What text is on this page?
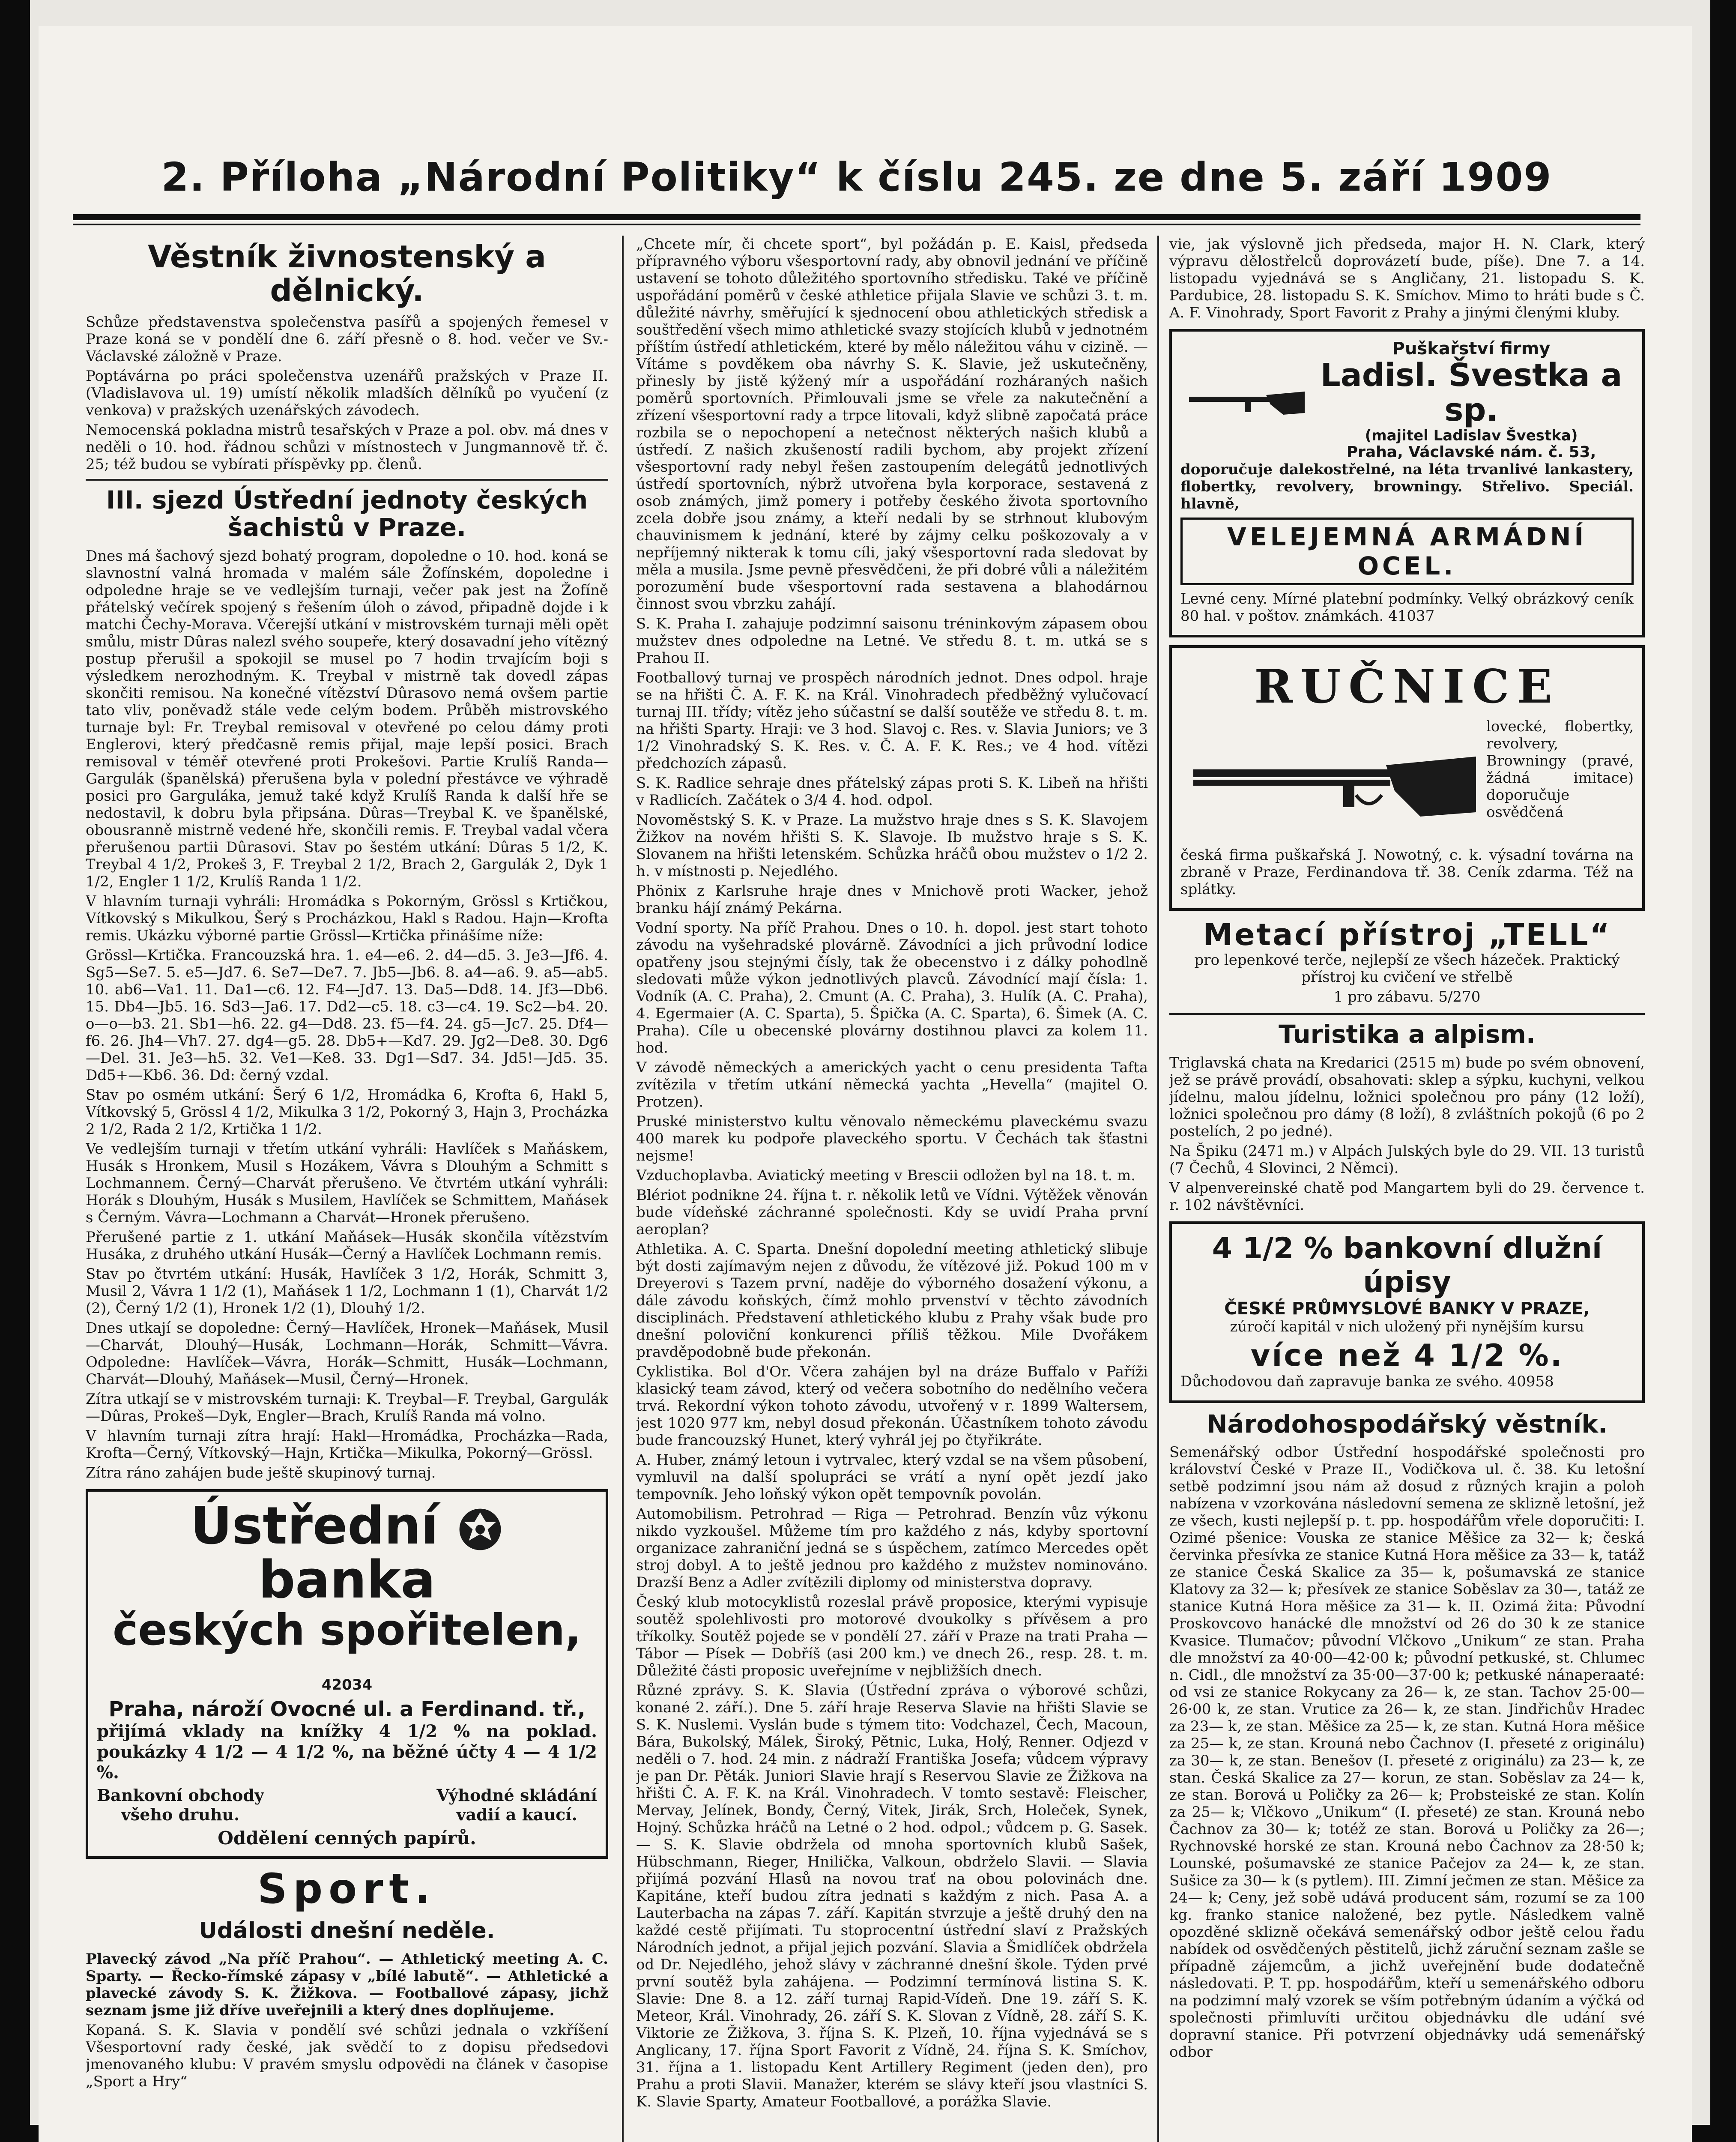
2. Příloha „Národní Politiky“ k číslu 245. ze dne 5. září 1909
Věstník živnostenský a dělnický.

Schůze představenstva společenstva pasířů a spojených řemesel v Praze koná se v pondělí dne 6. září přesně o 8. hod. večer ve Sv.-Václavské záložně v Praze.

Poptávárna po práci společenstva uzenářů pražských v Praze II. (Vladislavova ul. 19) umístí několik mladších dělníků po vyučení (z venkova) v pražských uzenářských závodech.

Nemocenská pokladna mistrů tesařských v Praze a pol. obv. má dnes v neděli o 10. hod. řádnou schůzi v místnostech v Jungmannově tř. č. 25; též budou se vybírati příspěvky pp. členů.

III. sjezd Ústřední jednoty českých šachistů v Praze.

Dnes má šachový sjezd bohatý program, dopoledne o 10. hod. koná se slavnostní valná hromada v malém sále Žofínském, dopoledne i odpoledne hraje se ve vedlejším turnaji, večer pak jest na Žofíně přátelský večírek spojený s řešením úloh o závod, připadně dojde i k matchi Čechy-Morava. Včerejší utkání v mistrovském turnaji měli opět smůlu, mistr Dûras nalezl svého soupeře, který dosavadní jeho vítězný postup přerušil a spokojil se musel po 7 hodin trvajícím boji s výsledkem nerozhodným. K. Treybal v mistrně tak dovedl zápas skončiti remisou. Na konečné vítězství Dûrasovo nemá ovšem partie tato vliv, poněvadž stále vede celým bodem. Průběh mistrovského turnaje byl: Fr. Treybal remisoval v otevřené po celou dámy proti Englerovi, který předčasně remis přijal, maje lepší posici. Brach remisoval v téměř otevřené proti Prokešovi. Partie Krulíš Randa—Gargulák (španělská) přerušena byla v polední přestávce ve výhradě posici pro Garguláka, jemuž také když Krulíš Randa k další hře se nedostavil, k dobru byla připsána. Dûras—Treybal K. ve španělské, obousranně mistrně vedené hře, skončili remis. F. Treybal vadal včera přerušenou partii Dûrasovi. Stav po šestém utkání: Dûras 5 1/2, K. Treybal 4 1/2, Prokeš 3, F. Treybal 2 1/2, Brach 2, Gargulák 2, Dyk 1 1/2, Engler 1 1/2, Krulíš Randa 1 1/2.

V hlavním turnaji vyhráli: Hromádka s Pokorným, Grössl s Krtičkou, Vítkovský s Mikulkou, Šerý s Procházkou, Hakl s Radou. Hajn—Krofta remis. Ukázku výborné partie Grössl—Krtička přinášíme níže:

Grössl—Krtička. Francouzská hra. 1. e4—e6. 2. d4—d5. 3. Je3—Jf6. 4. Sg5—Se7. 5. e5—Jd7. 6. Se7—De7. 7. Jb5—Jb6. 8. a4—a6. 9. a5—ab5. 10. ab6—Va1. 11. Da1—c6. 12. F4—Jd7. 13. Da5—Dd8. 14. Jf3—Db6. 15. Db4—Jb5. 16. Sd3—Ja6. 17. Dd2—c5. 18. c3—c4. 19. Sc2—b4. 20. o—o—b3. 21. Sb1—h6. 22. g4—Dd8. 23. f5—f4. 24. g5—Jc7. 25. Df4—f6. 26. Jh4—Vh7. 27. dg4—g5. 28. Db5+—Kd7. 29. Jg2—De8. 30. Dg6—Del. 31. Je3—h5. 32. Ve1—Ke8. 33. Dg1—Sd7. 34. Jd5!—Jd5. 35. Dd5+—Kb6. 36. Dd: černý vzdal.

Stav po osmém utkání: Šerý 6 1/2, Hromádka 6, Krofta 6, Hakl 5, Vítkovský 5, Grössl 4 1/2, Mikulka 3 1/2, Pokorný 3, Hajn 3, Procházka 2 1/2, Rada 2 1/2, Krtička 1 1/2.

Ve vedlejším turnaji v třetím utkání vyhráli: Havlíček s Maňáskem, Husák s Hronkem, Musil s Hozákem, Vávra s Dlouhým a Schmitt s Lochmannem. Černý—Charvát přerušeno. Ve čtvrtém utkání vyhráli: Horák s Dlouhým, Husák s Musilem, Havlíček se Schmittem, Maňásek s Černým. Vávra—Lochmann a Charvát—Hronek přerušeno.

Přerušené partie z 1. utkání Maňásek—Husák skončila vítězstvím Husáka, z druhého utkání Husák—Černý a Havlíček Lochmann remis.

Stav po čtvrtém utkání: Husák, Havlíček 3 1/2, Horák, Schmitt 3, Musil 2, Vávra 1 1/2 (1), Maňásek 1 1/2, Lochmann 1 (1), Charvát 1/2 (2), Černý 1/2 (1), Hronek 1/2 (1), Dlouhý 1/2.

Dnes utkají se dopoledne: Černý—Havlíček, Hronek—Maňásek, Musil—Charvát, Dlouhý—Husák, Lochmann—Horák, Schmitt—Vávra. Odpoledne: Havlíček—Vávra, Horák—Schmitt, Husák—Lochmann, Charvát—Dlouhý, Maňásek—Musil, Černý—Hronek.

Zítra utkají se v mistrovském turnaji: K. Treybal—F. Treybal, Gargulák—Dûras, Prokeš—Dyk, Engler—Brach, Krulíš Randa má volno.

V hlavním turnaji zítra hrají: Hakl—Hromádka, Procházka—Rada, Krofta—Černý, Vítkovský—Hajn, Krtička—Mikulka, Pokorný—Grössl.

Zítra ráno zahájen bude ještě skupinový turnaj.

Ústřední  banka
českých spořitelen, 42034
Praha, nároží Ovocné ul. a Ferdinand. tř.,

přijímá vklady na knížky 4 1/2 % na poklad. poukázky 4 1/2 — 4 1/2 %, na běžné účty 4 — 4 1/2 %.

Bankovní obchody
všeho druhu.
Výhodné skládání
vadií a kaucí.
Oddělení cenných papírů.
Sport.
Události dnešní neděle.

Plavecký závod „Na příč Prahou“. — Athletický meeting A. C. Sparty. — Řecko-římské zápasy v „bílé labutě“. — Athletické a plavecké závody S. K. Žižkova. — Footballové zápasy, jichž seznam jsme již dříve uveřejnili a který dnes doplňujeme.

Kopaná. S. K. Slavia v pondělí své schůzi jednala o vzkříšení Všesportovní rady české, jak svědčí to z dopisu předsedovi jmenovaného klubu: V pravém smyslu odpovědi na článek v časopise „Sport a Hry“

„Chcete mír, či chcete sport“, byl požádán p. E. Kaisl, předseda přípravného výboru všesportovní rady, aby obnovil jednání ve příčině ustavení se tohoto důležitého sportovního středisku. Také ve příčině uspořádání poměrů v české athletice přijala Slavie ve schůzi 3. t. m. důležité návrhy, směřující k sjednocení obou athletických středisk a souštředění všech mimo athletické svazy stojících klubů v jednotném příštím ústředí athletickém, které by mělo náležitou váhu v cizině. — Vítáme s povděkem oba návrhy S. K. Slavie, jež uskutečněny, přinesly by jistě kýžený mír a uspořádání rozháraných našich poměrů sportovních. Přimlouvali jsme se vřele za nakutečnění a zřízení všesportovní rady a trpce litovali, když slibně započatá práce rozbila se o nepochopení a netečnost některých našich klubů a ústředí. Z našich zkušeností radili bychom, aby projekt zřízení všesportovní rady nebyl řešen zastoupením delegátů jednotlivých ústředí sportovních, nýbrž utvořena byla korporace, sestavená z osob známých, jimž pomery i potřeby českého života sportovního zcela dobře jsou známy, a kteří nedali by se strhnout klubovým chauvinismem k jednání, které by zájmy celku poškozovaly a v nepříjemný nikterak k tomu cíli, jaký všesportovní rada sledovat by měla a musila. Jsme pevně přesvědčeni, že při dobré vůli a náležitém porozumění bude všesportovní rada sestavena a blahodárnou činnost svou vbrzku zahájí.

S. K. Praha I. zahajuje podzimní saisonu tréninkovým zápasem obou mužstev dnes odpoledne na Letné. Ve středu 8. t. m. utká se s Prahou II.

Footballový turnaj ve prospěch národních jednot. Dnes odpol. hraje se na hřišti Č. A. F. K. na Král. Vinohradech předběžný vylučovací turnaj III. třídy; vítěz jeho súčastní se další soutěže ve středu 8. t. m. na hřišti Sparty. Hraji: ve 3 hod. Slavoj c. Res. v. Slavia Juniors; ve 3 1/2 Vinohradský S. K. Res. v. Č. A. F. K. Res.; ve 4 hod. vítězi předchozích zápasů.

S. K. Radlice sehraje dnes přátelský zápas proti S. K. Libeň na hřišti v Radlicích. Začátek o 3/4 4. hod. odpol.

Novoměstský S. K. v Praze. La mužstvo hraje dnes s S. K. Slavojem Žižkov na novém hřišti S. K. Slavoje. Ib mužstvo hraje s S. K. Slovanem na hřišti letenském. Schůzka hráčů obou mužstev o 1/2 2. h. v místnosti p. Nejedlého.

Phönix z Karlsruhe hraje dnes v Mnichově proti Wacker, jehož branku hájí známý Pekárna.

Vodní sporty. Na příč Prahou. Dnes o 10. h. dopol. jest start tohoto závodu na vyšehradské plovárně. Závodníci a jich průvodní lodice opatřeny jsou stejnými čísly, tak že obecenstvo i z dálky pohodlně sledovati může výkon jednotlivých plavců. Závodnící mají čísla: 1. Vodník (A. C. Praha), 2. Cmunt (A. C. Praha), 3. Hulík (A. C. Praha), 4. Egermaier (A. C. Sparta), 5. Špička (A. C. Sparta), 6. Šimek (A. C. Praha). Cíle u obecenské plovárny dostihnou plavci za kolem 11. hod.

V závodě německých a amerických yacht o cenu presidenta Tafta zvítězila v třetím utkání německá yachta „Hevella“ (majitel O. Protzen).

Pruské ministerstvo kultu věnovalo německému plaveckému svazu 400 marek ku podpoře plaveckého sportu. V Čechách tak šťastni nejsme!

Vzduchoplavba. Aviatický meeting v Brescii odložen byl na 18. t. m.

Blériot podnikne 24. října t. r. několik letů ve Vídni. Výtěžek věnován bude vídeňské záchranné společnosti. Kdy se uvidí Praha první aeroplan?

Athletika. A. C. Sparta. Dnešní dopolední meeting athletický slibuje být dosti zajímavým nejen z důvodu, že vítězové již. Pokud 100 m v Dreyerovi s Tazem první, naděje do výborného dosažení výkonu, a dále závodu koňských, čímž mohlo prvenství v těchto závodních disciplinách. Představení athletického klubu z Prahy však bude pro dnešní poloviční konkurenci příliš těžkou. Mile Dvořákem pravděpodobně bude překonán.

Cyklistika. Bol d'Or. Včera zahájen byl na dráze Buffalo v Paříži klasický team závod, který od večera sobotního do nedělního večera trvá. Rekordní výkon tohoto závodu, utvořený v r. 1899 Waltersem, jest 1020 977 km, nebyl dosud překonán. Účastníkem tohoto závodu bude francouzský Hunet, který vyhrál jej po čtyřikráte.

A. Huber, známý letoun i vytrvalec, který vzdal se na všem působení, vymluvil na další spolupráci se vrátí a nyní opět jezdí jako tempovník. Jeho loňský výkon opět tempovník povolán.

Automobilism. Petrohrad — Riga — Petrohrad. Benzín vůz výkonu nikdo vyzkoušel. Můžeme tím pro každého z nás, kdyby sportovní organizace zahraniční jedná se s úspěchem, zatímco Mercedes opět stroj dobyl. A to ještě jednou pro každého z mužstev nominováno. Drazší Benz a Adler zvítězili diplomy od ministerstva dopravy.

Český klub motocyklistů rozeslal právě proposice, kterými vypisuje soutěž spolehlivosti pro motorové dvoukolky s přívěsem a pro tříkolky. Soutěž pojede se v pondělí 27. září v Praze na trati Praha — Tábor — Písek — Dobříš (asi 200 km.) ve dnech 26., resp. 28. t. m. Důležité části proposic uveřejníme v nejbližších dnech.

Různé zprávy. S. K. Slavia (Ústřední zpráva o výborové schůzi, konané 2. září.). Dne 5. září hraje Reserva Slavie na hřišti Slavie se S. K. Nuslemi. Vyslán bude s týmem tito: Vodchazel, Čech, Macoun, Bára, Bukolský, Málek, Široký, Pětnic, Luka, Holý, Renner. Odjezd v neděli o 7. hod. 24 min. z nádraží Františka Josefa; vůdcem výpravy je pan Dr. Pěták. Juniori Slavie hrají s Reservou Slavie ze Žižkova na hřišti Č. A. F. K. na Král. Vinohradech. V tomto sestavě: Fleischer, Mervay, Jelínek, Bondy, Černý, Vitek, Jirák, Srch, Holeček, Synek, Hojný. Schůzka hráčů na Letné o 2 hod. odpol.; vůdcem p. G. Sasek. — S. K. Slavie obdržela od mnoha sportovních klubů Sašek, Hübschmann, Rieger, Hnilička, Valkoun, obdrželo Slavii. — Slavia přijímá pozvání Hlasů na novou trať na obou polovinách dne. Kapitáne, kteří budou zítra jednati s každým z nich. Pasa A. a Lauterbacha na zápas 7. září. Kapitán stvrzuje a ještě druhý den na každé cestě přijímati. Tu stoprocentní ústřední slaví z Pražských Národních jednot, a přijal jejich pozvání. Slavia a Šmidlíček obdržela od Dr. Nejedlého, jehož slávy v záchranné dnešní škole. Týden prvé první soutěž byla zahájena. — Podzimní termínová listina S. K. Slavie: Dne 8. a 12. září turnaj Rapid-Vídeň. Dne 19. září S. K. Meteor, Král. Vinohrady, 26. září S. K. Slovan z Vídně, 28. září S. K. Viktorie ze Žižkova, 3. října S. K. Plzeň, 10. října vyjednává se s Anglicany, 17. října Sport Favorit z Vídně, 24. října S. K. Smíchov, 31. října a 1. listopadu Kent Artillery Regiment (jeden den), pro Prahu a proti Slavii. Manažer, kterém se slávy kteří jsou vlastníci S. K. Slavie Sparty, Amateur Footballové, a porážka Slavie.

vie, jak výslovně jich předseda, major H. N. Clark, který výpravu dělostřelců doprovázetí bude, píše). Dne 7. a 14. listopadu vyjednává se s Angličany, 21. listopadu S. K. Pardubice, 28. listopadu S. K. Smíchov. Mimo to hráti bude s Č. A. F. Vinohrady, Sport Favorit z Prahy a jinými členými kluby.

Puškařství firmy
Ladisl. Švestka a sp.
(majitel Ladislav Švestka)
Praha, Václavské nám. č. 53,

doporučuje dalekostřelné, na léta trvanlivé lankastery, flobertky, revolvery, browningy. Střelivo. Speciál. hlavně,

VELEJEMNÁ ARMÁDNÍ OCEL.

Levné ceny. Mírné platební podmínky. Velký obrázkový ceník 80 hal. v poštov. známkách. 41037

RUČNICE

lovecké, flobertky, revolvery, Browningy (pravé, žádná imitace) doporučuje osvědčená

česká firma puškařská J. Nowotný, c. k. výsadní továrna na zbraně v Praze, Ferdinandova tř. 38. Ceník zdarma. Též na splátky.

Metací přístroj „TELL“

pro lepenkové terče, nejlepší ze všech házeček. Praktický přístroj ku cvičení ve střelbě

1 pro zábavu. 5/270

Turistika a alpism.

Triglavská chata na Kredarici (2515 m) bude po svém obnovení, jež se právě provádí, obsahovati: sklep a sýpku, kuchyni, velkou jídelnu, malou jídelnu, ložnici společnou pro pány (12 loží), ložnici společnou pro dámy (8 loží), 8 zvláštních pokojů (6 po 2 postelích, 2 po jedné).

Na Špiku (2471 m.) v Alpách Julských byle do 29. VII. 13 turistů (7 Čechů, 4 Slovinci, 2 Němci).

V alpenvereinské chatě pod Mangartem byli do 29. července t. r. 102 návštěvníci.

4 1/2 % bankovní dlužní úpisy
ČESKÉ PRŮMYSLOVÉ BANKY V PRAZE,

zúročí kapitál v nich uložený při nynějším kursu

více než 4 1/2 %.

Důchodovou daň zapravuje banka ze svého. 40958

Národohospodářský věstník.

Semenářský odbor Ústřední hospodářské společnosti pro království České v Praze II., Vodičkova ul. č. 38. Ku letošní setbě podzimní jsou nám až dosud z různých krajin a poloh nabízena v vzorkována následovní semena ze sklizně letošní, jež ze všech, kusti nejlepší p. t. pp. hospodářům vřele doporučiti: I. Ozimé pšenice: Vouska ze stanice Měšice za 32— k; česká červinka přesívka ze stanice Kutná Hora měšice za 33— k, tatáž ze stanice Česká Skalice za 35— k, pošumavská ze stanice Klatovy za 32— k; přesívek ze stanice Soběslav za 30—, tatáž ze stanice Kutná Hora měšice za 31— k. II. Ozimá žita: Původní Proskovcovo hanácké dle množství od 26 do 30 k ze stanice Kvasice. Tlumačov; původní Vlčkovo „Unikum“ ze stan. Praha dle množství za 40·00—42·00 k; původní petkuské, st. Chlumec n. Cidl., dle množství za 35·00—37·00 k; petkuské nánaperaaté: od vsi ze stanice Rokycany za 26— k, ze stan. Tachov 25·00—26·00 k, ze stan. Vrutice za 26— k, ze stan. Jindřichův Hradec za 23— k, ze stan. Měšice za 25— k, ze stan. Kutná Hora měšice za 25— k, ze stan. Krouná nebo Čachnov (I. přeseté z originálu) za 30— k, ze stan. Benešov (I. přeseté z originálu) za 23— k, ze stan. Česká Skalice za 27— korun, ze stan. Soběslav za 24— k, ze stan. Borová u Poličky za 26— k; Probsteiské ze stan. Kolín za 25— k; Vlčkovo „Unikum“ (I. přeseté) ze stan. Krouná nebo Čachnov za 30— k; totéž ze stan. Borová u Poličky za 26—; Rychnovské horské ze stan. Krouná nebo Čachnov za 28·50 k; Lounské, pošumavské ze stanice Pačejov za 24— k, ze stan. Sušice za 30— k (s pytlem). III. Zimní ječmen ze stan. Měšice za 24— k; Ceny, jež sobě udává producent sám, rozumí se za 100 kg. franko stanice naložené, bez pytle. Následkem valně opozděné sklizně očekává semenářský odbor ještě celou řadu nabídek od osvědčených pěstitelů, jichž záruční seznam zašle se případně zájemcům, a jichž uveřejnění bude dodatečně následovati. P. T. pp. hospodářům, kteří u semenářského odboru na podzimní malý vzorek se vším potřebným údaním a výčká od společnosti přimluvíti určitou objednávku dle udání své dopravní stanice. Při potvrzení objednávky udá semenářský odbor
